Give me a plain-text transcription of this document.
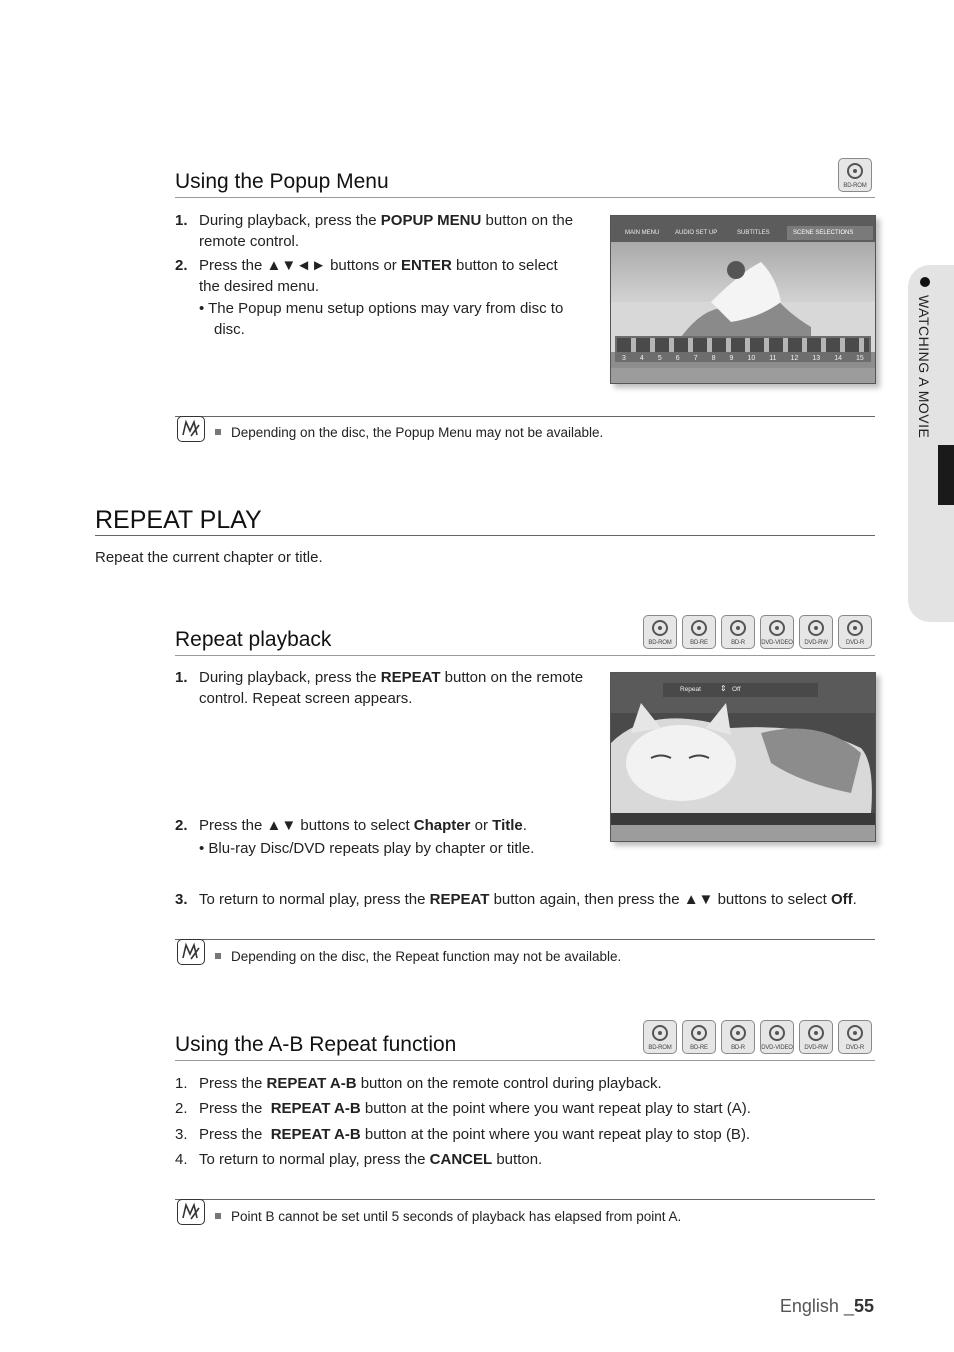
WATCHING A MOVIE
Using the Popup Menu	BD-ROM
1. During playback, press the POPUP MENU button on the
remote control.
2. Press the ▲▼◄► buttons or ENTER button to select
the desired menu.
• The Popup menu setup options may vary from disc to
disc.
MAIN MENU	AUDIO SET UP	SUBTITLES	SCENE SELECTIONS
3 4 5 6 7 8 9 10 11 12 13 14 15
Depending on the disc, the Popup Menu may not be available.
REPEAT PLAY
Repeat the current chapter or title.
Repeat playback	BD-ROM	BD-RE	BD-R	DVD-VIDEO	DVD-RW	DVD-R
1. During playback, press the REPEAT button on the remote
control. Repeat screen appears.
Repeat ⇕ Off
2. Press the ▲▼ buttons to select Chapter or Title.
• Blu-ray Disc/DVD repeats play by chapter or title.
3. To return to normal play, press the REPEAT button again, then press the ▲▼ buttons to select Off.
Depending on the disc, the Repeat function may not be available.
Using the A-B Repeat function	BD-ROM	BD-RE	BD-R	DVD-VIDEO	DVD-RW	DVD-R
1. Press the REPEAT A-B button on the remote control during playback.
2. Press the  REPEAT A-B button at the point where you want repeat play to start (A).
3. Press the  REPEAT A-B button at the point where you want repeat play to stop (B).
4. To return to normal play, press the CANCEL button.
Point B cannot be set until 5 seconds of playback has elapsed from point A.
English _55
